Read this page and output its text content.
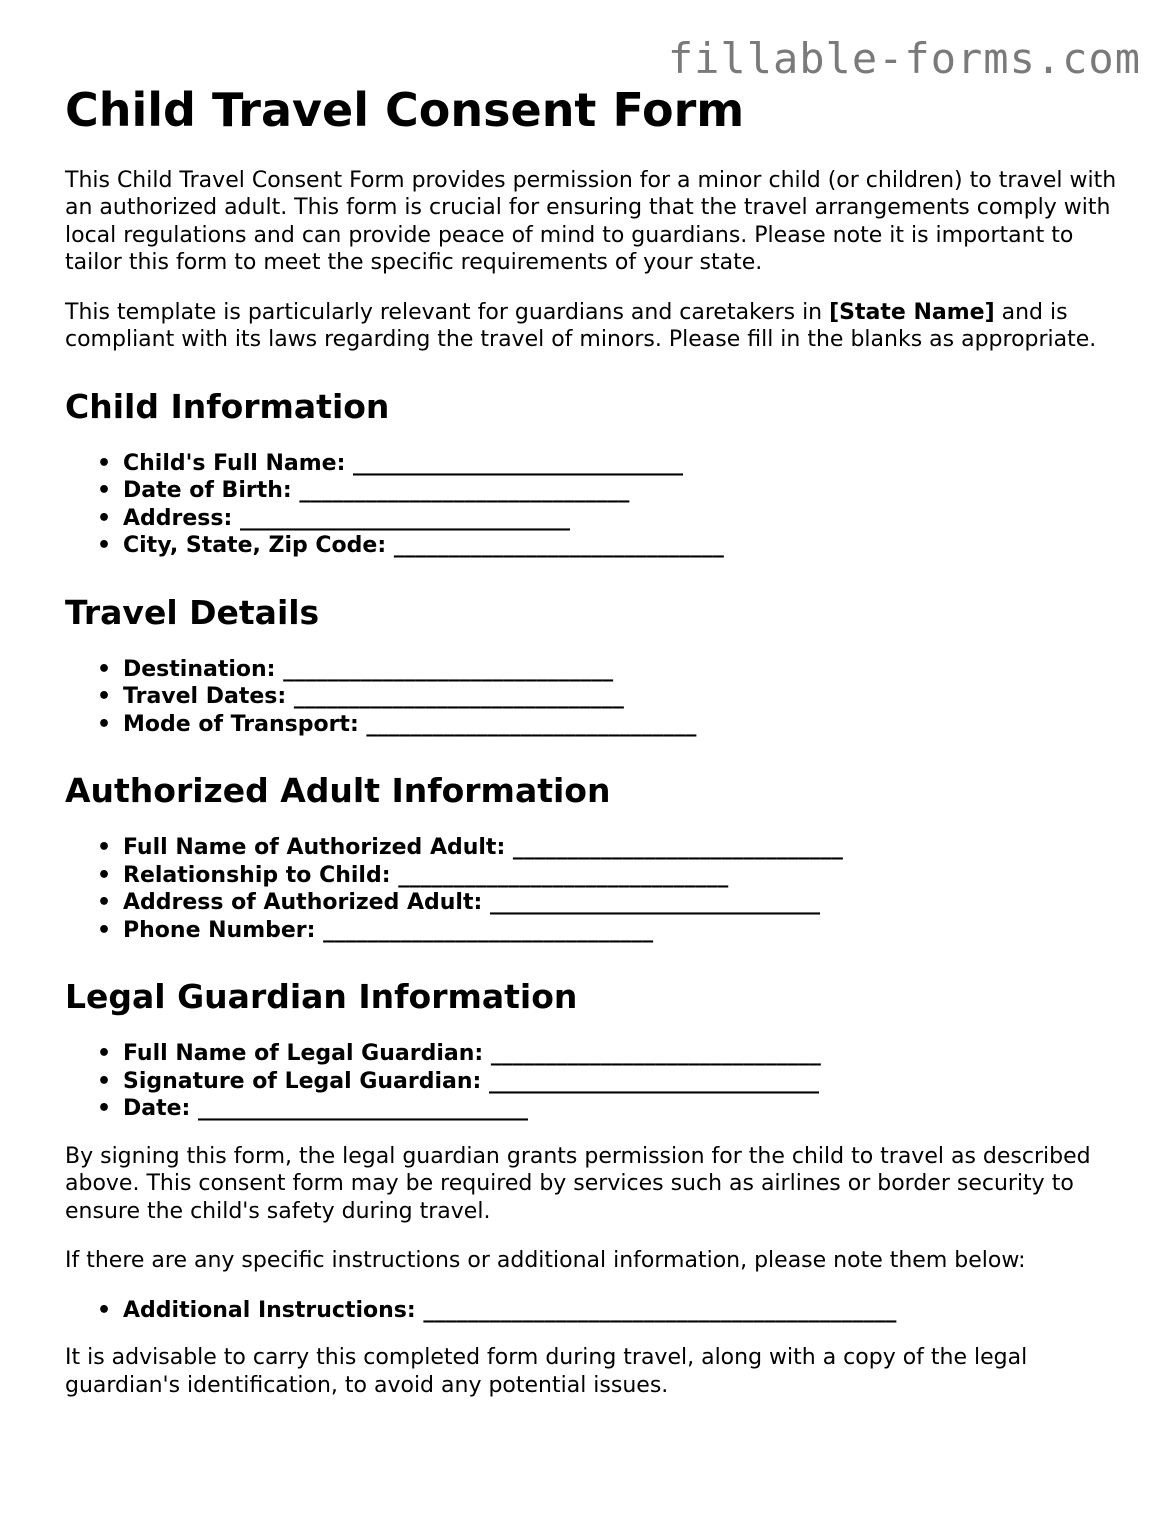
fillable-forms.com
Child Travel Consent Form

This Child Travel Consent Form provides permission for a minor child (or children) to travel with an authorized adult. This form is crucial for ensuring that the travel arrangements comply with local regulations and can provide peace of mind to guardians. Please note it is important to tailor this form to meet the specific requirements of your state.

This template is particularly relevant for guardians and caretakers in [State Name] and is compliant with its laws regarding the travel of minors. Please fill in the blanks as appropriate.

Child Information
• Child's Full Name: ______________________________
• Date of Birth: ______________________________
• Address: ______________________________
• City, State, Zip Code: ______________________________
Travel Details
• Destination: ______________________________
• Travel Dates: ______________________________
• Mode of Transport: ______________________________
Authorized Adult Information
• Full Name of Authorized Adult: ______________________________
• Relationship to Child: ______________________________
• Address of Authorized Adult: ______________________________
• Phone Number: ______________________________
Legal Guardian Information
• Full Name of Legal Guardian: ______________________________
• Signature of Legal Guardian: ______________________________
• Date: ______________________________

By signing this form, the legal guardian grants permission for the child to travel as described above. This consent form may be required by services such as airlines or border security to ensure the child's safety during travel.

If there are any specific instructions or additional information, please note them below:

• Additional Instructions: ___________________________________________

It is advisable to carry this completed form during travel, along with a copy of the legal guardian's identification, to avoid any potential issues.
